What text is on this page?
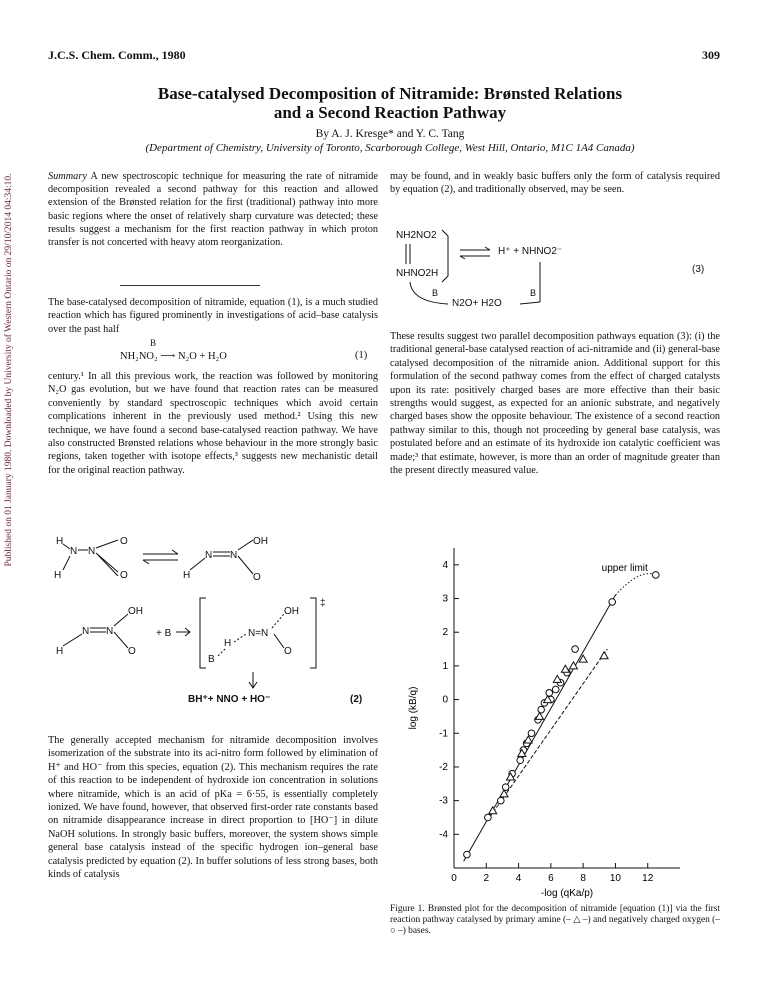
Published on 01 January 1980. Downloaded by University of Western Ontario on 29/10/2014 04:34:10.
J.C.S. Chem. Comm., 1980	309
Base-catalysed Decomposition of Nitramide: Brønsted Relations
and a Second Reaction Pathway
By A. J. Kresge* and Y. C. Tang
(Department of Chemistry, University of Toronto, Scarborough College, West Hill, Ontario, M1C 1A4 Canada)
Summary A new spectroscopic technique for measuring the rate of nitramide decomposition revealed a second pathway for this reaction and allowed extension of the Brønsted relation for the first (traditional) pathway into more basic regions where the onset of relatively sharp curvature was detected; these results suggest a mechanism for the first reaction pathway in which proton transfer is not concerted with heavy atom reorganization.
The base-catalysed decomposition of nitramide, equation (1), is a much studied reaction which has figured prominently in investigations of acid–base catalysis over the past half
B
NH₂NO₂ ⟶ N₂O + H₂O	(1)
century.¹ In all this previous work, the reaction was followed by monitoring N₂O gas evolution, but we have found that reaction rates can be measured conveniently by standard spectroscopic techniques which avoid certain complications inherent in the previously used method.² Using this new technique, we have found a second base-catalysed reaction pathway. We have also constructed Brønsted relations whose behaviour in the more strongly basic regions, taken together with isotope effects,³ suggests new mechanistic detail for the original reaction pathway.
H
N N
H
O
O	H
N N
OH
O
H
N N
OH
O
+ B
‡
N=N
H
B
OH
O
BH⁺+ NNO + HO⁻	(2)
The generally accepted mechanism for nitramide decomposition involves isomerization of the substrate into its aci-nitro form followed by elimination of H⁺ and HO⁻ from this species, equation (2). This mechanism requires the rate of this reaction to be independent of hydroxide ion concentration in solutions where nitramide, which is an acid of pKa = 6·55, is essentially completely ionized. We have found, however, that observed first-order rate constants based on nitramide disappearance increase in direct proportion to [HO⁻] in dilute NaOH solutions. In strongly basic buffers, moreover, the system shows simple general base catalysis instead of the specific hydrogen ion–general base catalysis predicted by equation (2). In buffer solutions of less strong bases, both kinds of catalysis
may be found, and in weakly basic buffers only the form of catalysis required by equation (2), and traditionally observed, may be seen.
NH2NO2
NHNO2H
H⁺ + NHNO2⁻
N2O+ H2O
B	B
(3)
These results suggest two parallel decomposition pathways equation (3): (i) the traditional general-base catalysed reaction of aci-nitramide and (ii) general-base catalysed decomposition of the nitramide anion. Additional support for this formulation of the second pathway comes from the effect of charged catalysts upon its rate: positively charged bases are more effective than their basic strengths would suggest, as expected for an anionic substrate, and negatively charged bases show the opposite behaviour. The existence of a second reaction pathway similar to this, though not proceeding by general base catalysis, was postulated before and an estimate of its hydroxide ion catalytic coefficient was made;³ that estimate, however, is more than an order of magnitude greater than the present directly measured value.
0	2	4	6	8 10 12
-4
-3
-2
-1
0
1
2
3
4
-log (qKa/p)
log (kB/q)
upper limit
Figure 1. Brønsted plot for the decomposition of nitramide [equation (1)] via the first reaction pathway catalysed by primary amine (– △ –) and negatively charged oxygen (– ○ –) bases.
